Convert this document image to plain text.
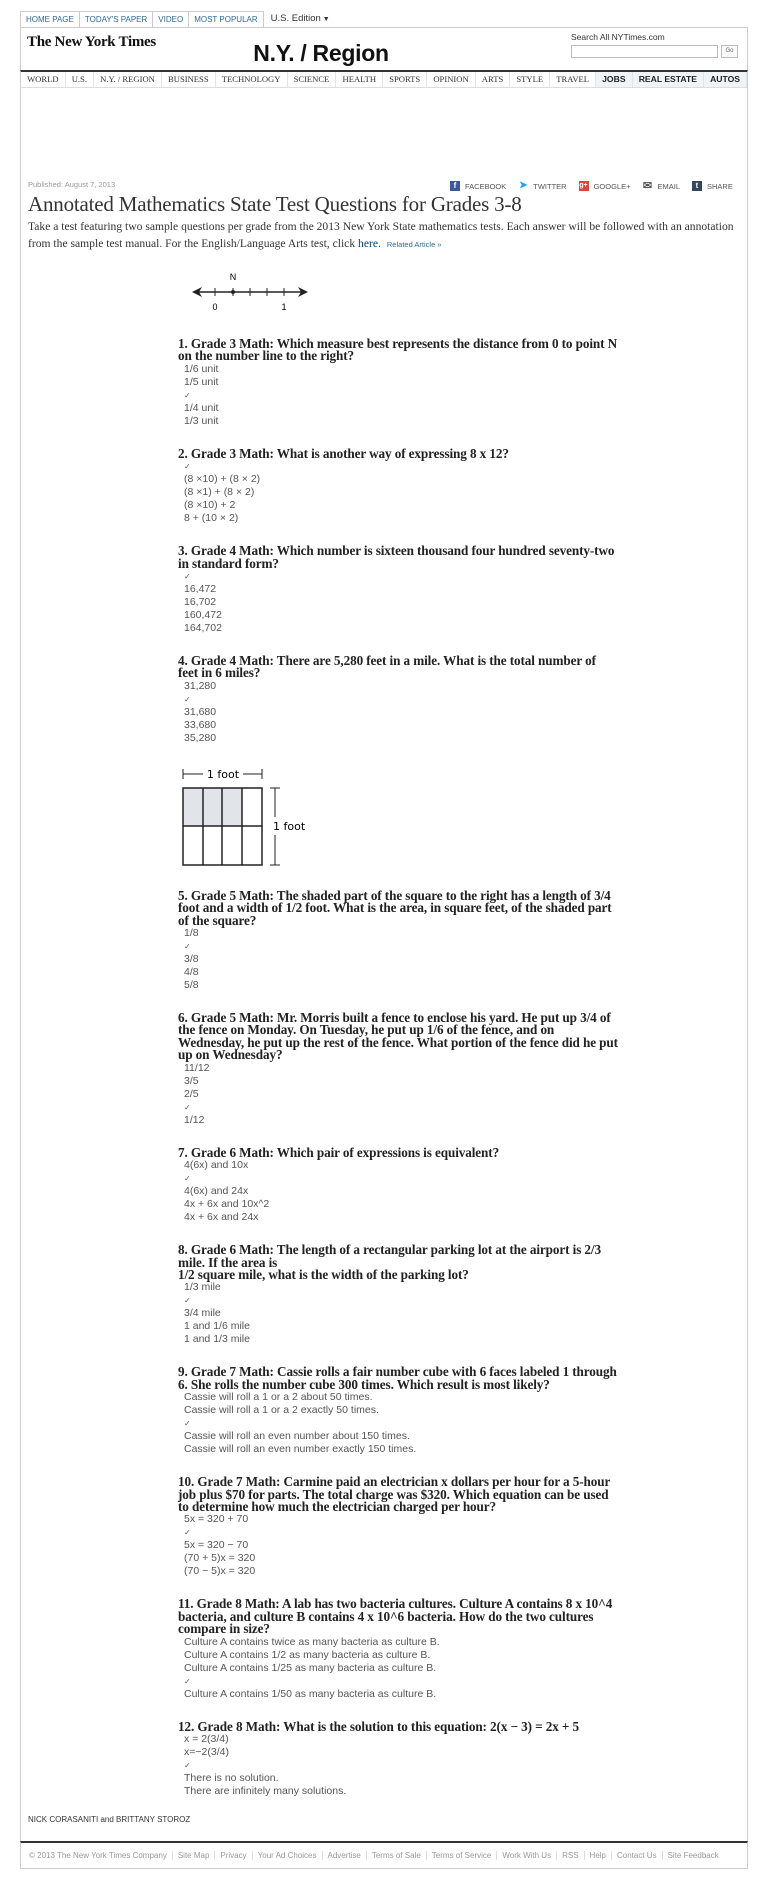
HOME PAGE	TODAY'S PAPER	VIDEO	MOST POPULAR	U.S. Edition ▼
The New York Times	N.Y. / Region
Search All NYTimes.com
Go
WORLD	U.S.	N.Y. / REGION	BUSINESS	TECHNOLOGY	SCIENCE	HEALTH	SPORTS	OPINION	ARTS	STYLE	TRAVEL	JOBS	REAL ESTATE	AUTOS
Published: August 7, 2013	f	FACEBOOK ➤ TWITTER g+ GOOGLE+ ✉ EMAIL	t	SHARE
Annotated Mathematics State Test Questions for Grades 3-8

Take a test featuring two sample questions per grade from the 2013 New York State mathematics tests. Each answer will be followed with an annotation from the sample test manual. For the English/Language Arts test, click here. Related Article »

N
0	1
1. Grade 3 Math: Which measure best represents the distance from 0 to point N on the number line to the right?
1/6 unit
1/5 unit
✓
1/4 unit
1/3 unit
2. Grade 3 Math: What is another way of expressing 8 x 12?
✓
(8 ×10) + (8 × 2)
(8 ×1) + (8 × 2)
(8 ×10) + 2
8 + (10 × 2)
3. Grade 4 Math: Which number is sixteen thousand four hundred seventy-two in standard form?
✓
16,472
16,702
160,472
164,702
4. Grade 4 Math: There are 5,280 feet in a mile. What is the total number of feet in 6 miles?
31,280
✓
31,680
33,680
35,280
1 foot
1 foot
5. Grade 5 Math: The shaded part of the square to the right has a length of 3/4 foot and a width of 1/2 foot. What is the area, in square feet, of the shaded part of the square?
1/8
✓
3/8
4/8
5/8
6. Grade 5 Math: Mr. Morris built a fence to enclose his yard. He put up 3/4 of the fence on Monday. On Tuesday, he put up 1/6 of the fence, and on Wednesday, he put up the rest of the fence. What portion of the fence did he put up on Wednesday?
11/12
3/5
2/5
✓
1/12
7. Grade 6 Math: Which pair of expressions is equivalent?
4(6x) and 10x
✓
4(6x) and 24x
4x + 6x and 10x^2
4x + 6x and 24x
8. Grade 6 Math: The length of a rectangular parking lot at the airport is 2/3 mile. If the area is
1/2 square mile, what is the width of the parking lot?
1/3 mile
✓
3/4 mile
1 and 1/6 mile
1 and 1/3 mile
9. Grade 7 Math: Cassie rolls a fair number cube with 6 faces labeled 1 through 6. She rolls the number cube 300 times. Which result is most likely?
Cassie will roll a 1 or a 2 about 50 times.
Cassie will roll a 1 or a 2 exactly 50 times.
✓
Cassie will roll an even number about 150 times.
Cassie will roll an even number exactly 150 times.
10. Grade 7 Math: Carmine paid an electrician x dollars per hour for a 5-hour job plus $70 for parts. The total charge was $320. Which equation can be used to determine how much the electrician charged per hour?
5x = 320 + 70
✓
5x = 320 − 70
(70 + 5)x = 320
(70 − 5)x = 320
11. Grade 8 Math: A lab has two bacteria cultures. Culture A contains 8 x 10^4 bacteria, and culture B contains 4 x 10^6 bacteria. How do the two cultures compare in size?
Culture A contains twice as many bacteria as culture B.
Culture A contains 1/2 as many bacteria as culture B.
Culture A contains 1/25 as many bacteria as culture B.
✓
Culture A contains 1/50 as many bacteria as culture B.
12. Grade 8 Math: What is the solution to this equation: 2(x − 3) = 2x + 5
x = 2(3/4)
x=−2(3/4)
✓
There is no solution.
There are infinitely many solutions.
NICK CORASANITI and BRITTANY STOROZ
© 2013 The New York Times Company	Site Map	Privacy	Your Ad Choices	Advertise	Terms of Sale	Terms of Service	Work With Us	RSS	Help	Contact Us	Site Feedback
